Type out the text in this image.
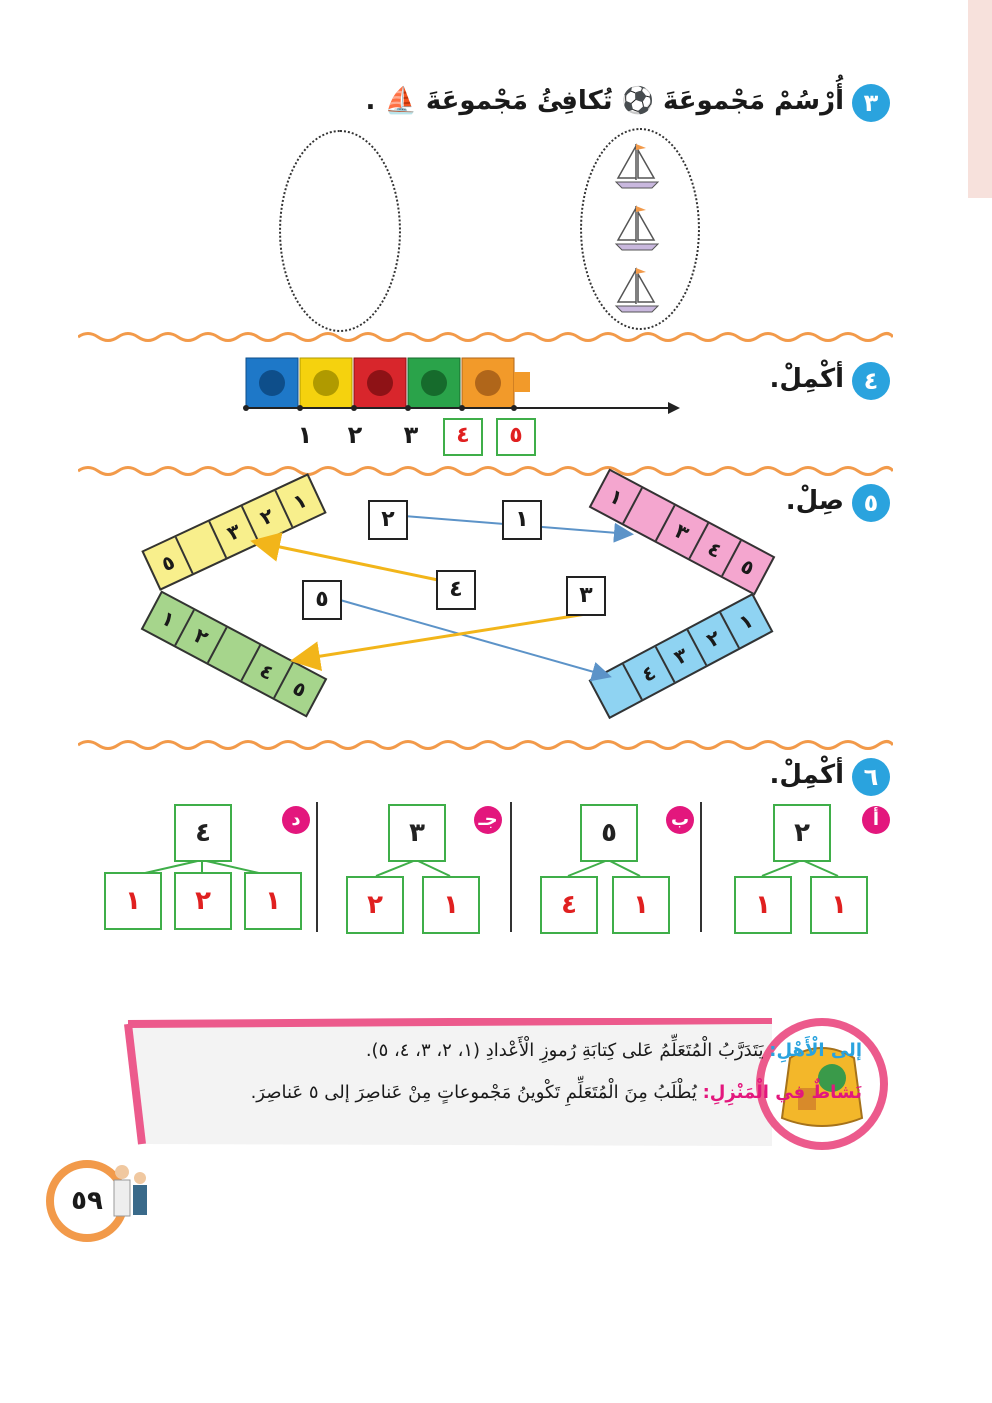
٣
أُرْسُمْ مَجْموعَةَ ⚽ تُكافِئُ مَجْموعَةَ ⛵ .
٤
أكْمِلْ.
١	٢	٣	٤	٥
٥
صِلْ.
١
٢
٣
٥	٥
٤
٣
١
٥
٤
٢
١	١
٢
٣
٤
٢	١
٤
٥	٣
٦
أكْمِلْ.
أ
٢
١	١
ب
٥
١
٤
جـ
٣
١
٢
د
٤
١
٢
١
إلى الْأَهْلِ: يَتَدَرَّبُ الْمُتَعَلِّمُ عَلى كِتابَةِ رُموزِ الْأَعْدادِ (١، ٢، ٣، ٤، ٥).
نَشاطٌ في الْمَنْزِلِ: يُطْلَبُ مِنَ الْمُتَعَلِّمِ تَكْوينُ مَجْموعاتٍ مِنْ عَناصِرَ إلى ٥ عَناصِرَ.
٥٩
